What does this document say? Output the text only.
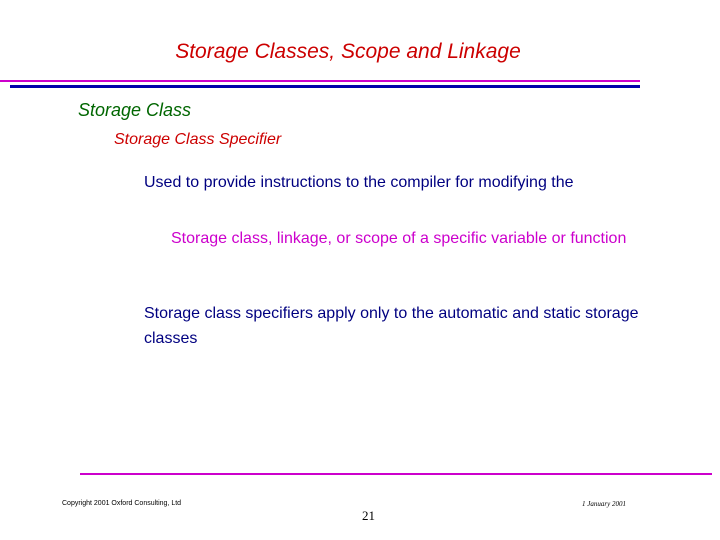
Storage Classes, Scope and Linkage
Storage Class
Storage Class Specifier
Used to provide instructions to the compiler for modifying the
Storage class, linkage, or scope of a specific variable or function
Storage class specifiers apply only to the automatic and static storage classes
Copyright 2001 Oxford Consulting, Ltd
21
1 January 2001
